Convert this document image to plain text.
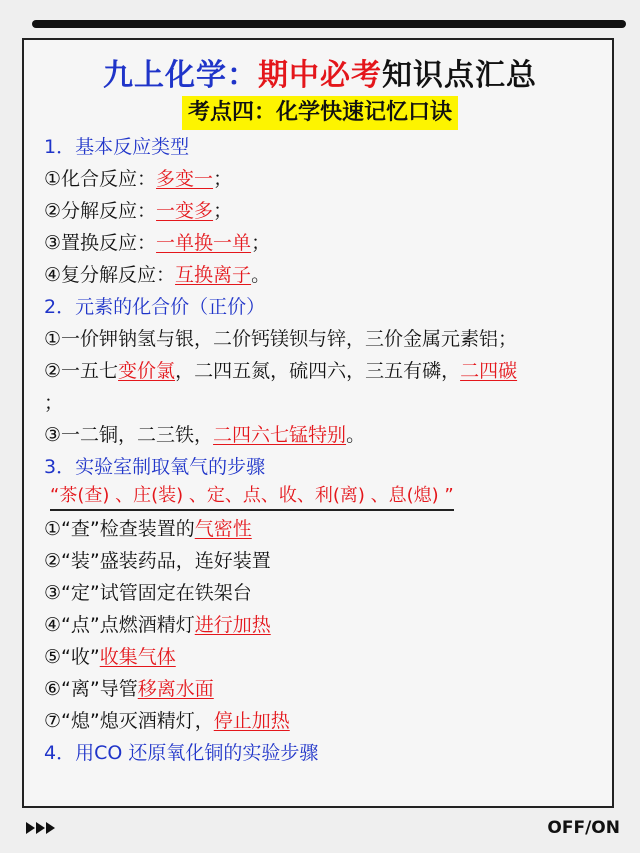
九上化学：期中必考知识点汇总
考点四：化学快速记忆口诀
1．基本反应类型
①化合反应：多变一；
②分解反应：一变多；
③置换反应：一单换一单；
④复分解反应：互换离子。
2．元素的化合价（正价）
①一价钾钠氢与银，二价钙镁钡与锌，三价金属元素铝；
②一五七变价氯，二四五氮，硫四六，三五有磷，二四碳
；
③一二铜，二三铁，二四六七锰特别。
3．实验室制取氧气的步骤
①“查”检查装置的气密性
②“装”盛装药品，连好装置
③“定”试管固定在铁架台
④“点”点燃酒精灯进行加热
⑤“收”收集气体
⑥“离”导管移离水面
⑦“熄”熄灭酒精灯，停止加热
4．用CO 还原氧化铜的实验步骤
“茶(查) 、庄(装) 、定、点、收、利(离) 、息(熄) ”
OFF/ON
